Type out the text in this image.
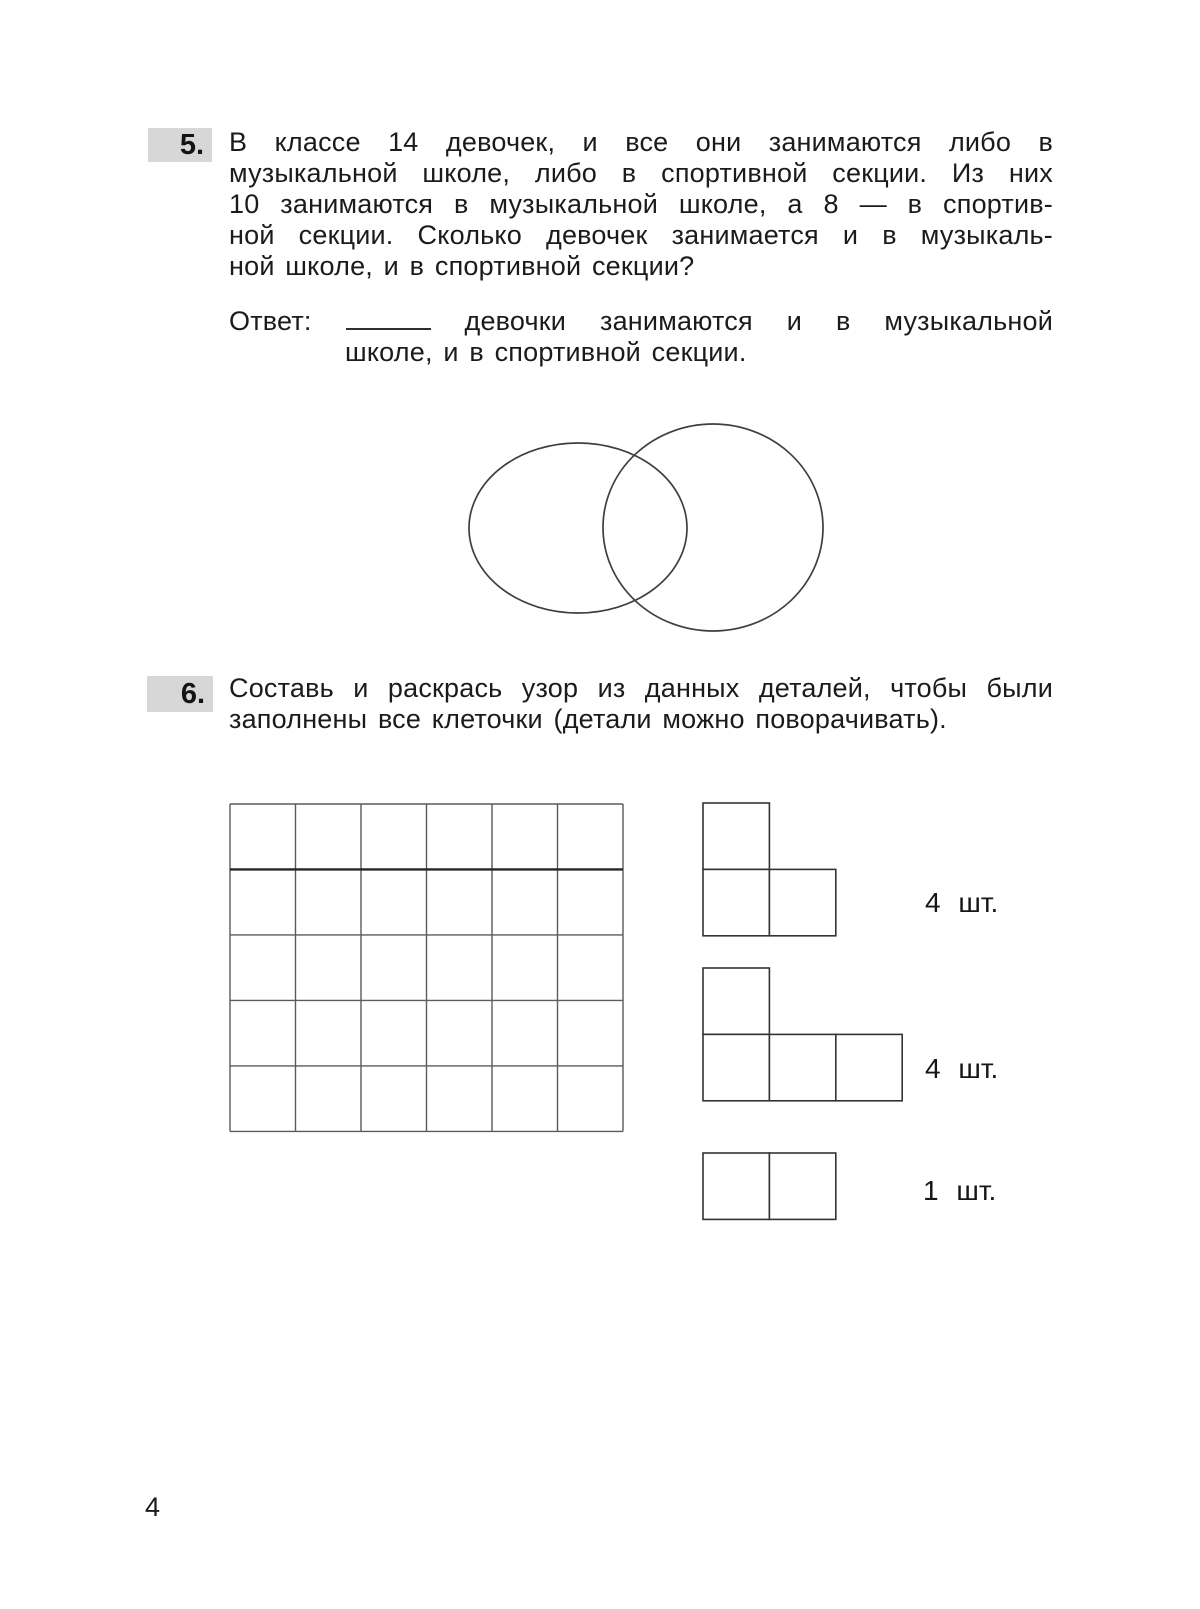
5. В классе 14 девочек, и все они занимаются либо в
музыкальной школе, либо в спортивной секции. Из них
10 занимаются в музыкальной школе, а 8 — в спортив-
ной секции. Сколько девочек занимается и в музыкаль-
ной школе, и в спортивной секции?
Ответ:	девочки занимаются и в музыкальной
школе, и в спортивной секции.
6. Составь и раскрась узор из данных деталей, чтобы были
заполнены все клеточки (детали можно поворачивать).
4 шт.
4 шт.
1 шт.
4
